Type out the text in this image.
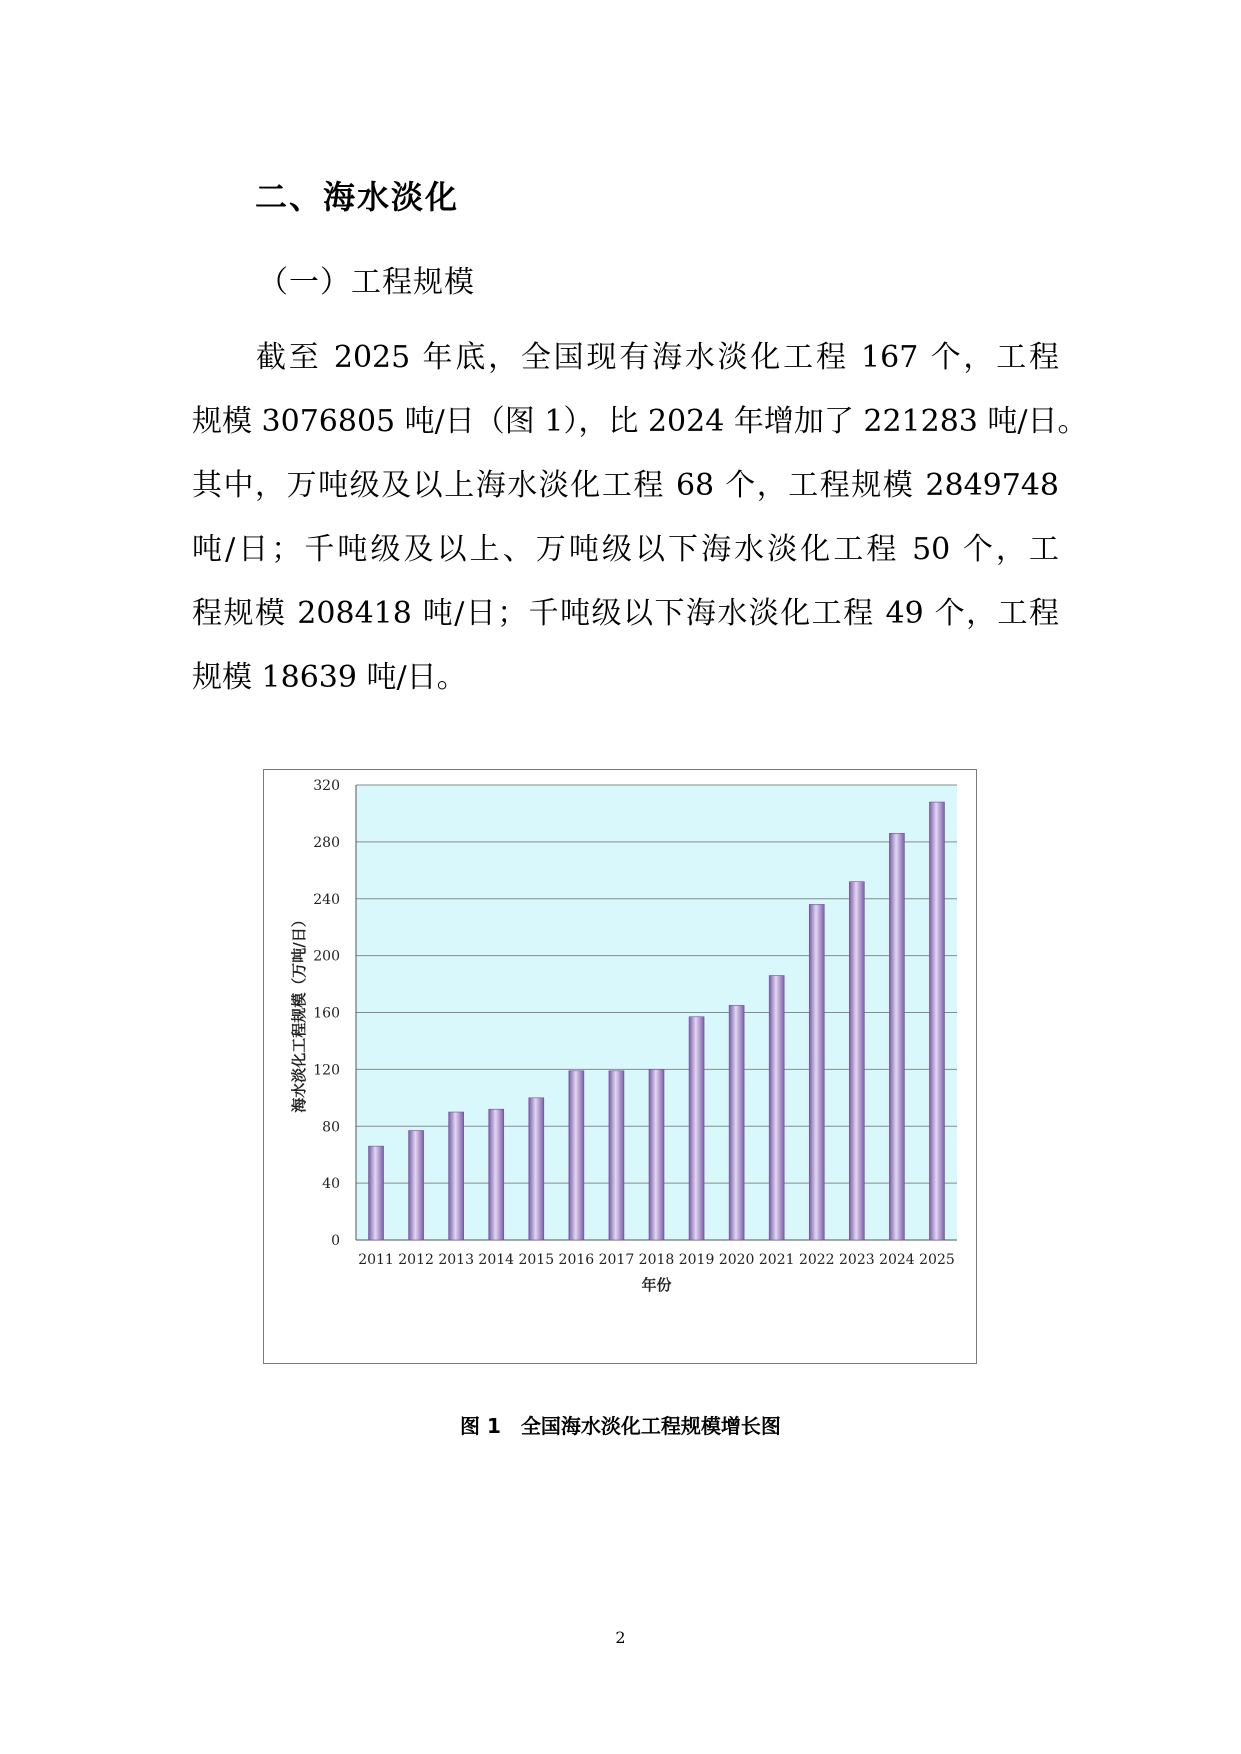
二、海水淡化
（一）工程规模
截至 2025 年底，全国现有海水淡化工程 167 个，工程
规模 3076805 吨/日（图 1），比 2024 年增加了 221283 吨/日。
其中，万吨级及以上海水淡化工程 68 个，工程规模 2849748
吨/日；千吨级及以上、万吨级以下海水淡化工程 50 个，工
程规模 208418 吨/日；千吨级以下海水淡化工程 49 个，工程
规模 18639 吨/日。
0
40
80
120
160
200
240
280
320
2011 2012 2013 2014 2015 2016 2017 2018 2019 2020 2021 2022 2023 2024 2025
年份
海水淡化工程规模（万吨/日）
图 1　全国海水淡化工程规模增长图
2
